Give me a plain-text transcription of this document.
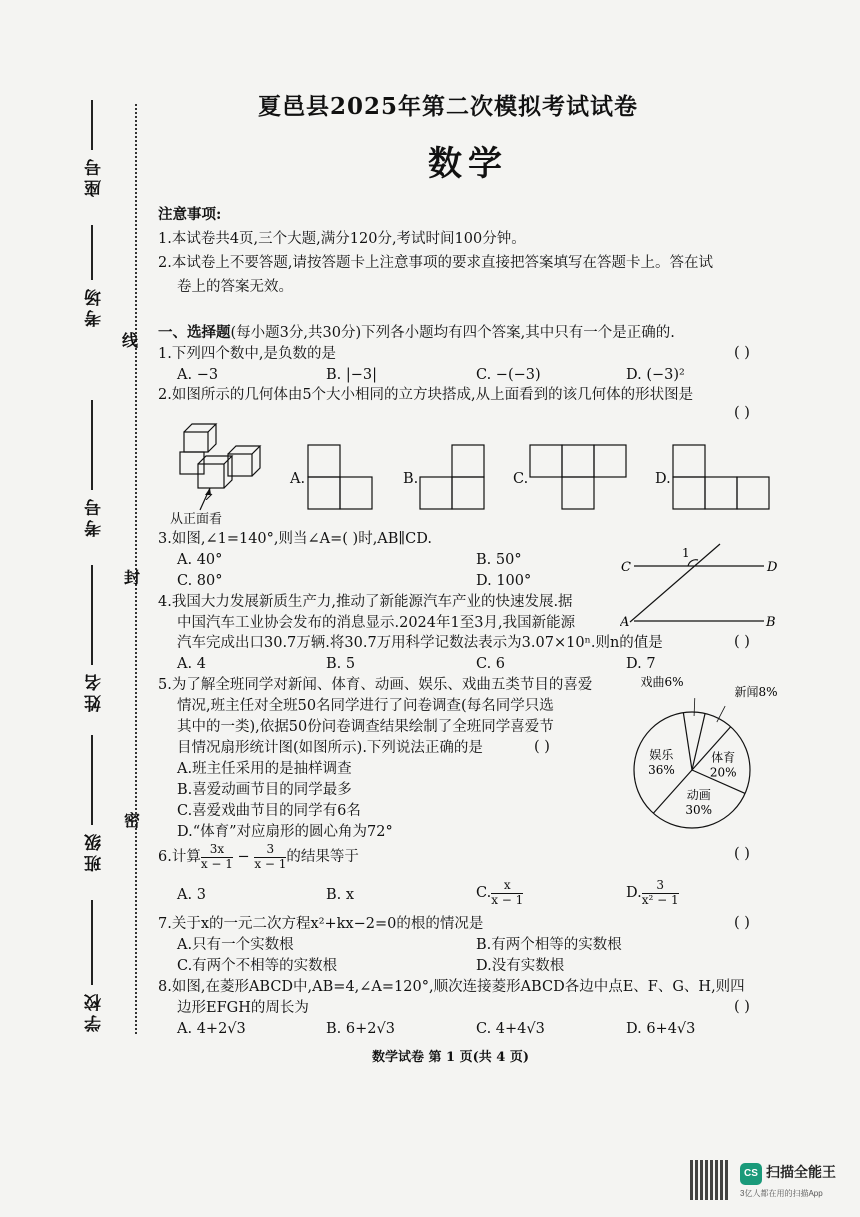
座号
考场
考号
姓名
班级
学校
线
封
密
夏邑县2025年第二次模拟考试试卷
数学
注意事项:
1.本试卷共4页,三个大题,满分120分,考试时间100分钟。
2.本试卷上不要答题,请按答题卡上注意事项的要求直接把答案填写在答题卡上。答在试
卷上的答案无效。
一、选择题(每小题3分,共30分)下列各小题均有四个答案,其中只有一个是正确的.
1.下列四个数中,是负数的是	( )
A. −3	B. |−3|	C. −(−3)	D. (−3)²
2.如图所示的几何体由5个大小相同的立方块搭成,从上面看到的该几何体的形状图是
( )
从正面看
A.	B.	C.	D.
3.如图,∠1=140°,则当∠A=( )时,AB∥CD.
A. 40°	B. 50°
C. 80°	D. 100°
C	D
A	B
1
4.我国大力发展新质生产力,推动了新能源汽车产业的快速发展.据
中国汽车工业协会发布的消息显示.2024年1至3月,我国新能源
汽车完成出口30.7万辆.将30.7万用科学记数法表示为3.07×10ⁿ.则n的值是	( )
A. 4	B. 5	C. 6	D. 7
5.为了解全班同学对新闻、体育、动画、娱乐、戏曲五类节目的喜爱
情况,班主任对全班50名同学进行了问卷调查(每名同学只选
其中的一类),依据50份问卷调查结果绘制了全班同学喜爱节
目情况扇形统计图(如图所示).下列说法正确的是	( )
A.班主任采用的是抽样调查
B.喜爱动画节目的同学最多
C.喜爱戏曲节目的同学有6名
D.“体育”对应扇形的圆心角为72°
戏曲6%
新闻8%
体育
20%
动画
30%
娱乐
36%
6.计算 $\frac{3x}{x - 1} - \frac{3}{x - 1}$ 的结果等于	( )
A. 3	B. x	C. $\frac{x}{x - 1}$	D. $\frac{3}{\text{x² − 1}}$
7.关于x的一元二次方程x²+kx−2=0的根的情况是	( )
A.只有一个实数根	B.有两个相等的实数根
C.有两个不相等的实数根	D.没有实数根
8.如图,在菱形ABCD中,AB=4,∠A=120°,顺次连接菱形ABCD各边中点E、F、G、H,则四
边形EFGH的周长为	( )
A. 4+2√3	B. 6+2√3	C. 4+4√3	D. 6+4√3
数学试卷 第 1 页(共 4 页)
CS 扫描全能王
3亿人都在用的扫描App
